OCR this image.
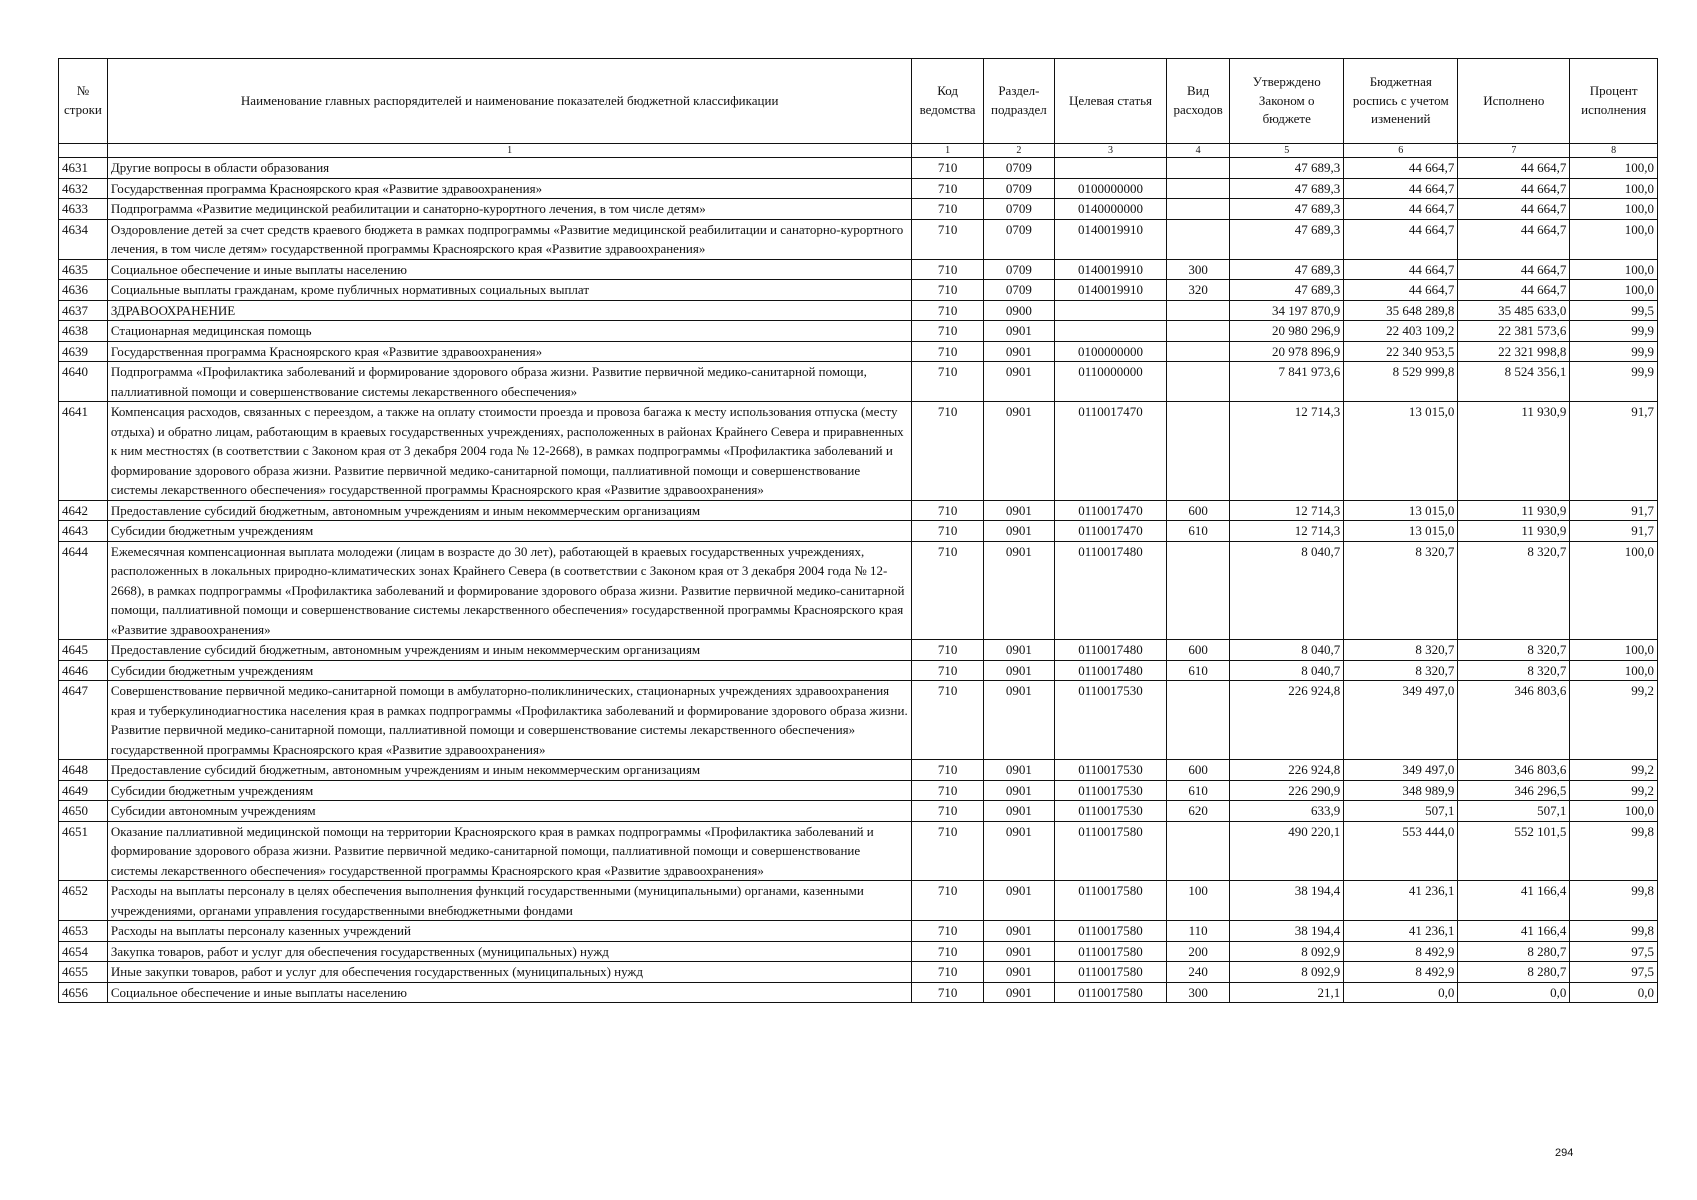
№ строки	Наименование главных распорядителей и наименование показателей бюджетной классификации	Код ведомства	Раздел-подраздел	Целевая статья	Вид расходов	Утверждено Законом о бюджете	Бюджетная роспись с учетом изменений	Исполнено	Процент исполнения
	1	1	2	3	4	5	6	7	8
4631	Другие вопросы в области образования	710	0709			47 689,3	44 664,7	44 664,7	100,0
4632	Государственная программа Красноярского края «Развитие здравоохранения»	710	0709	0100000000		47 689,3	44 664,7	44 664,7	100,0
4633	Подпрограмма «Развитие медицинской реабилитации и санаторно-курортного лечения, в том числе детям»	710	0709	0140000000		47 689,3	44 664,7	44 664,7	100,0
4634	Оздоровление детей за счет средств краевого бюджета в рамках подпрограммы «Развитие медицинской реабилитации и санаторно-курортного лечения, в том числе детям» государственной программы Красноярского края «Развитие здравоохранения»	710	0709	0140019910		47 689,3	44 664,7	44 664,7	100,0
4635	Социальное обеспечение и иные выплаты населению	710	0709	0140019910	300	47 689,3	44 664,7	44 664,7	100,0
4636	Социальные выплаты гражданам, кроме публичных нормативных социальных выплат	710	0709	0140019910	320	47 689,3	44 664,7	44 664,7	100,0
4637	ЗДРАВООХРАНЕНИЕ	710	0900			34 197 870,9	35 648 289,8	35 485 633,0	99,5
4638	Стационарная медицинская помощь	710	0901			20 980 296,9	22 403 109,2	22 381 573,6	99,9
4639	Государственная программа Красноярского края «Развитие здравоохранения»	710	0901	0100000000		20 978 896,9	22 340 953,5	22 321 998,8	99,9
4640	Подпрограмма «Профилактика заболеваний и формирование здорового образа жизни. Развитие первичной медико-санитарной помощи, паллиативной помощи и совершенствование системы лекарственного обеспечения»	710	0901	0110000000		7 841 973,6	8 529 999,8	8 524 356,1	99,9
4641	Компенсация расходов, связанных с переездом, а также на оплату стоимости проезда и провоза багажа к месту использования отпуска (месту отдыха) и обратно лицам, работающим в краевых государственных учреждениях, расположенных в районах Крайнего Севера и приравненных к ним местностях (в соответствии с Законом края от 3 декабря 2004 года № 12-2668), в рамках подпрограммы «Профилактика заболеваний и формирование здорового образа жизни. Развитие первичной медико-санитарной помощи, паллиативной помощи и совершенствование системы лекарственного обеспечения» государственной программы Красноярского края «Развитие здравоохранения»	710	0901	0110017470		12 714,3	13 015,0	11 930,9	91,7
4642	Предоставление субсидий бюджетным, автономным учреждениям и иным некоммерческим организациям	710	0901	0110017470	600	12 714,3	13 015,0	11 930,9	91,7
4643	Субсидии бюджетным учреждениям	710	0901	0110017470	610	12 714,3	13 015,0	11 930,9	91,7
4644	Ежемесячная компенсационная выплата молодежи (лицам в возрасте до 30 лет), работающей в краевых государственных учреждениях, расположенных в локальных природно-климатических зонах Крайнего Севера (в соответствии с Законом края от 3 декабря 2004 года № 12-2668), в рамках подпрограммы «Профилактика заболеваний и формирование здорового образа жизни. Развитие первичной медико-санитарной помощи, паллиативной помощи и совершенствование системы лекарственного обеспечения» государственной программы Красноярского края «Развитие здравоохранения»	710	0901	0110017480		8 040,7	8 320,7	8 320,7	100,0
4645	Предоставление субсидий бюджетным, автономным учреждениям и иным некоммерческим организациям	710	0901	0110017480	600	8 040,7	8 320,7	8 320,7	100,0
4646	Субсидии бюджетным учреждениям	710	0901	0110017480	610	8 040,7	8 320,7	8 320,7	100,0
4647	Совершенствование первичной медико-санитарной помощи в амбулаторно-поликлинических, стационарных учреждениях здравоохранения края и туберкулинодиагностика населения края в рамках подпрограммы «Профилактика заболеваний и формирование здорового образа жизни. Развитие первичной медико-санитарной помощи, паллиативной помощи и совершенствование системы лекарственного обеспечения» государственной программы Красноярского края «Развитие здравоохранения»	710	0901	0110017530		226 924,8	349 497,0	346 803,6	99,2
4648	Предоставление субсидий бюджетным, автономным учреждениям и иным некоммерческим организациям	710	0901	0110017530	600	226 924,8	349 497,0	346 803,6	99,2
4649	Субсидии бюджетным учреждениям	710	0901	0110017530	610	226 290,9	348 989,9	346 296,5	99,2
4650	Субсидии автономным учреждениям	710	0901	0110017530	620	633,9	507,1	507,1	100,0
4651	Оказание паллиативной медицинской помощи на территории Красноярского края в рамках подпрограммы «Профилактика заболеваний и формирование здорового образа жизни. Развитие первичной медико-санитарной помощи, паллиативной помощи и совершенствование системы лекарственного обеспечения» государственной программы Красноярского края «Развитие здравоохранения»	710	0901	0110017580		490 220,1	553 444,0	552 101,5	99,8
4652	Расходы на выплаты персоналу в целях обеспечения выполнения функций государственными (муниципальными) органами, казенными учреждениями, органами управления государственными внебюджетными фондами	710	0901	0110017580	100	38 194,4	41 236,1	41 166,4	99,8
4653	Расходы на выплаты персоналу казенных учреждений	710	0901	0110017580	110	38 194,4	41 236,1	41 166,4	99,8
4654	Закупка товаров, работ и услуг для обеспечения государственных (муниципальных) нужд	710	0901	0110017580	200	8 092,9	8 492,9	8 280,7	97,5
4655	Иные закупки товаров, работ и услуг для обеспечения государственных (муниципальных) нужд	710	0901	0110017580	240	8 092,9	8 492,9	8 280,7	97,5
4656	Социальное обеспечение и иные выплаты населению	710	0901	0110017580	300	21,1	0,0	0,0	0,0
294
